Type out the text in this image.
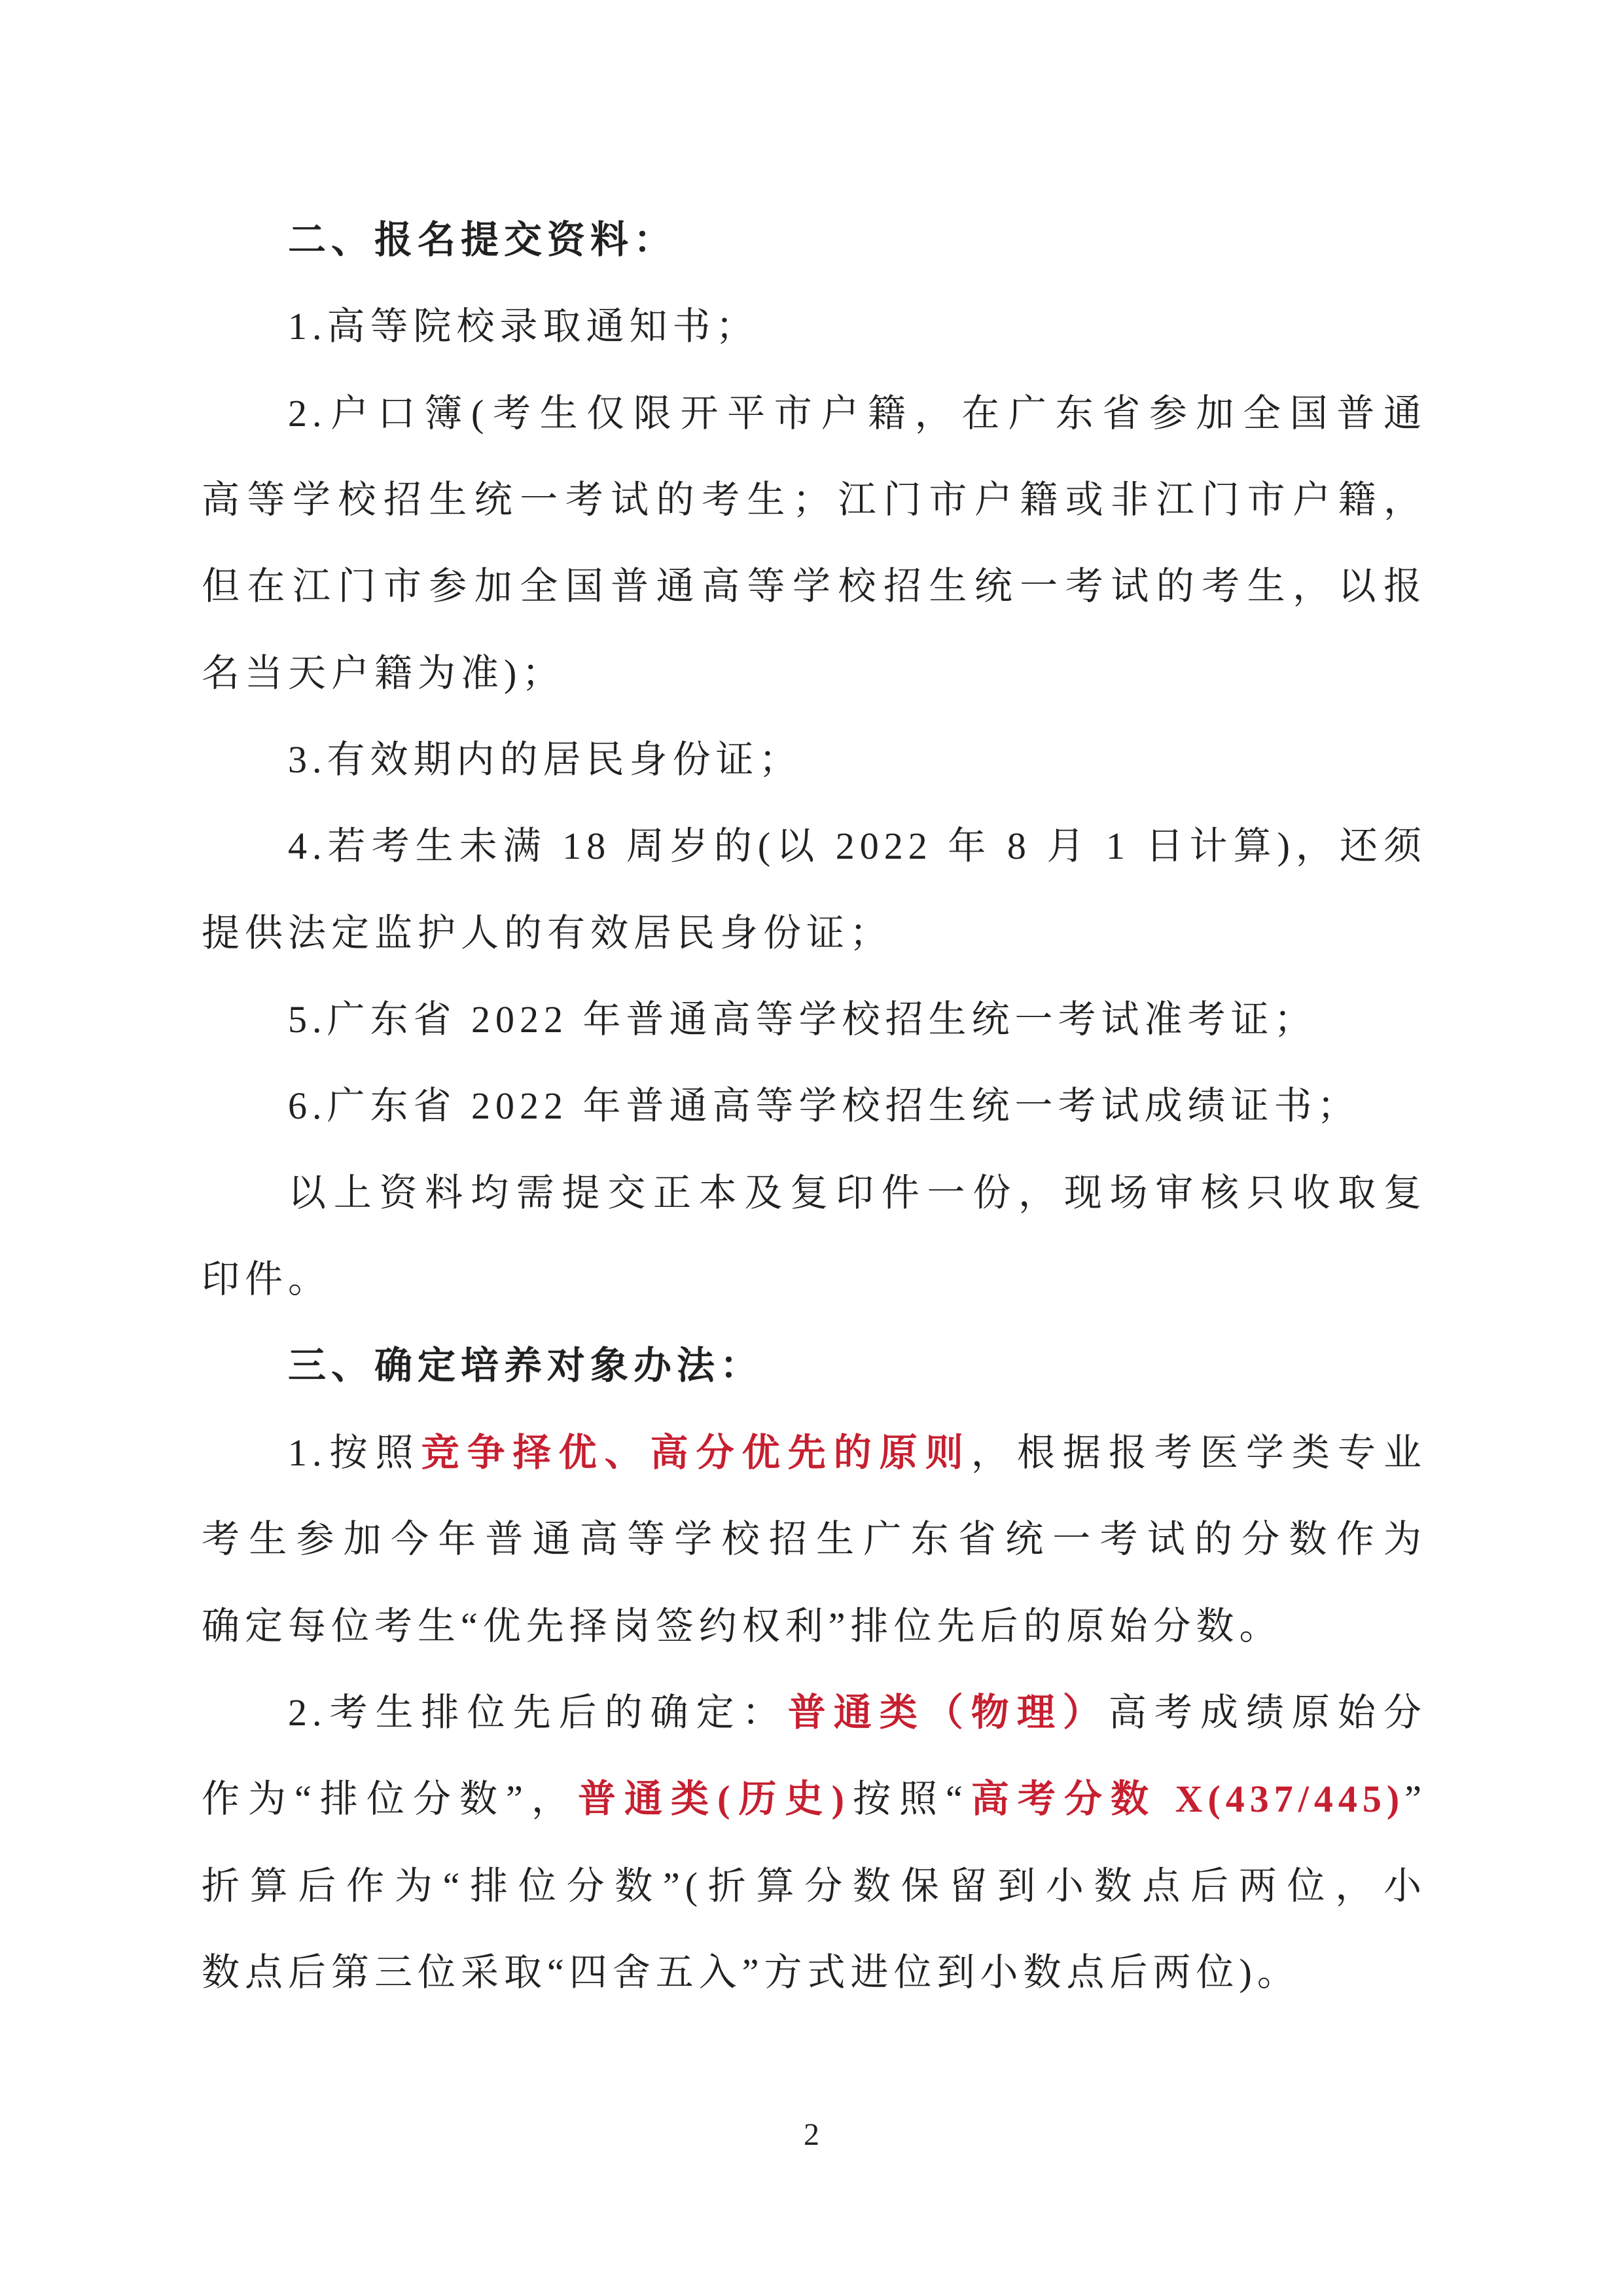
二、报名提交资料：
1.高等院校录取通知书；
2.户口簿(考生仅限开平市户籍，在广东省参加全国普通
高等学校招生统一考试的考生；江门市户籍或非江门市户籍，
但在江门市参加全国普通高等学校招生统一考试的考生，以报
名当天户籍为准)；
3.有效期内的居民身份证；
4.若考生未满 18 周岁的(以 2022 年 8 月 1 日计算)，还须
提供法定监护人的有效居民身份证；
5.广东省 2022 年普通高等学校招生统一考试准考证；
6.广东省 2022 年普通高等学校招生统一考试成绩证书；
以上资料均需提交正本及复印件一份，现场审核只收取复
印件。
三、确定培养对象办法：
1.按照竞争择优、高分优先的原则，根据报考医学类专业
考生参加今年普通高等学校招生广东省统一考试的分数作为
确定每位考生“优先择岗签约权利”排位先后的原始分数。
2.考生排位先后的确定：普通类（物理）高考成绩原始分
作为“排位分数”，普通类(历史)按照“高考分数 X(437/445)”
折算后作为“排位分数”(折算分数保留到小数点后两位，小
数点后第三位采取“四舍五入”方式进位到小数点后两位)。
2
